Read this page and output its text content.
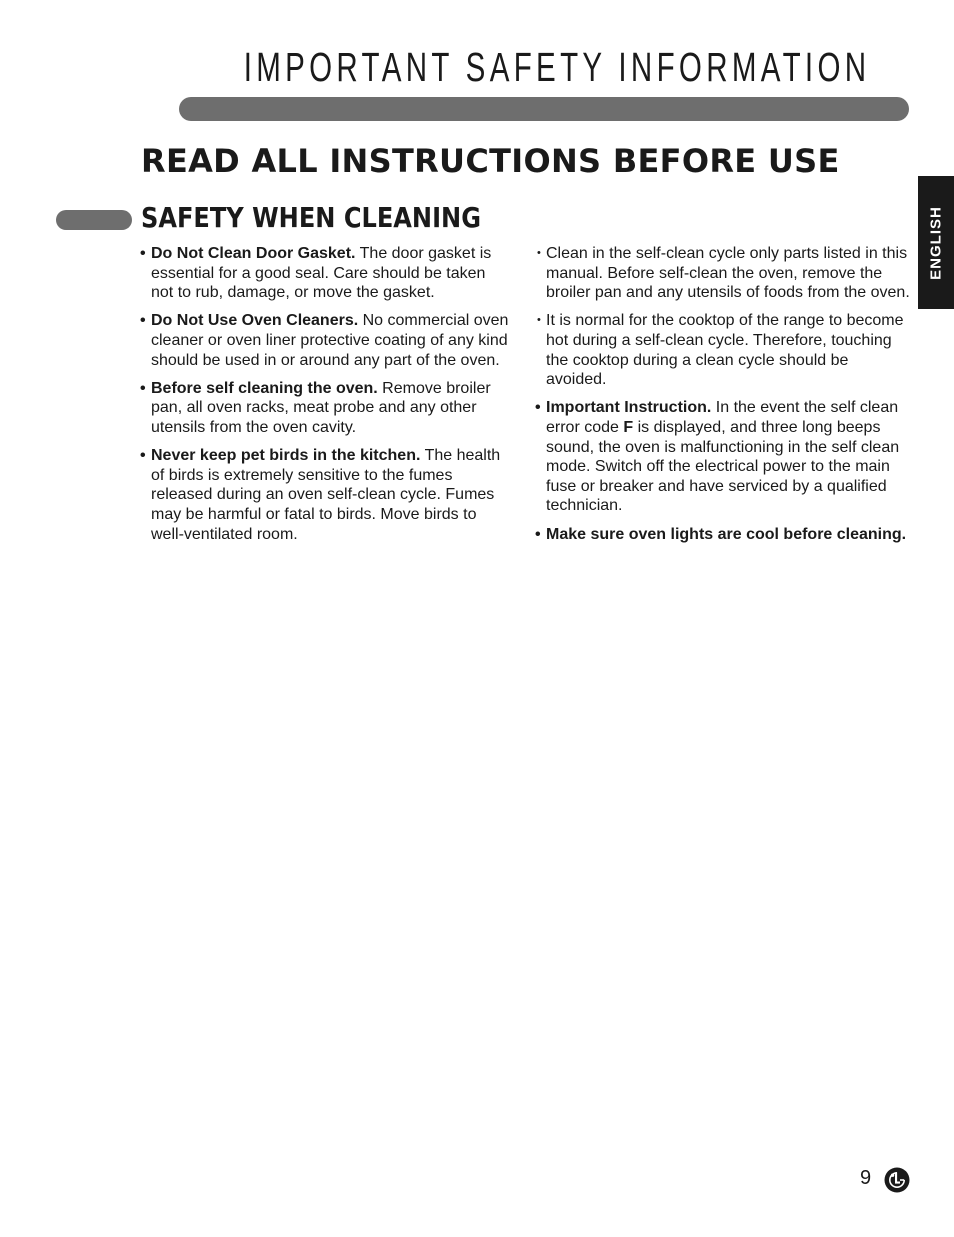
IMPORTANT SAFETY INFORMATION
READ ALL INSTRUCTIONS BEFORE USE
ENGLISH
SAFETY WHEN CLEANING
• Do Not Clean Door Gasket. The door gasket is essential for a good seal. Care should be taken not to rub, damage, or move the gasket.
• Do Not Use Oven Cleaners. No commercial oven cleaner or oven liner protective coating of any kind should be used in or around any part of the oven.
• Before self cleaning the oven. Remove broiler pan, all oven racks, meat probe and any other utensils from the oven cavity.
• Never keep pet birds in the kitchen. The health of birds is extremely sensitive to the fumes released during an oven self-clean cycle. Fumes may be harmful or fatal to birds. Move birds to well-ventilated room.
• Clean in the self-clean cycle only parts listed in this manual. Before self-clean the oven, remove the broiler pan and any utensils of foods from the oven.
• It is normal for the cooktop of the range to become hot during a self-clean cycle. Therefore, touching the cooktop during a clean cycle should be avoided.
• Important Instruction. In the event the self clean error code F is displayed, and three long beeps sound, the oven is malfunctioning in the self clean mode. Switch off the electrical power to the main fuse or breaker and have serviced by a qualified technician.
• Make sure oven lights are cool before cleaning.
9
